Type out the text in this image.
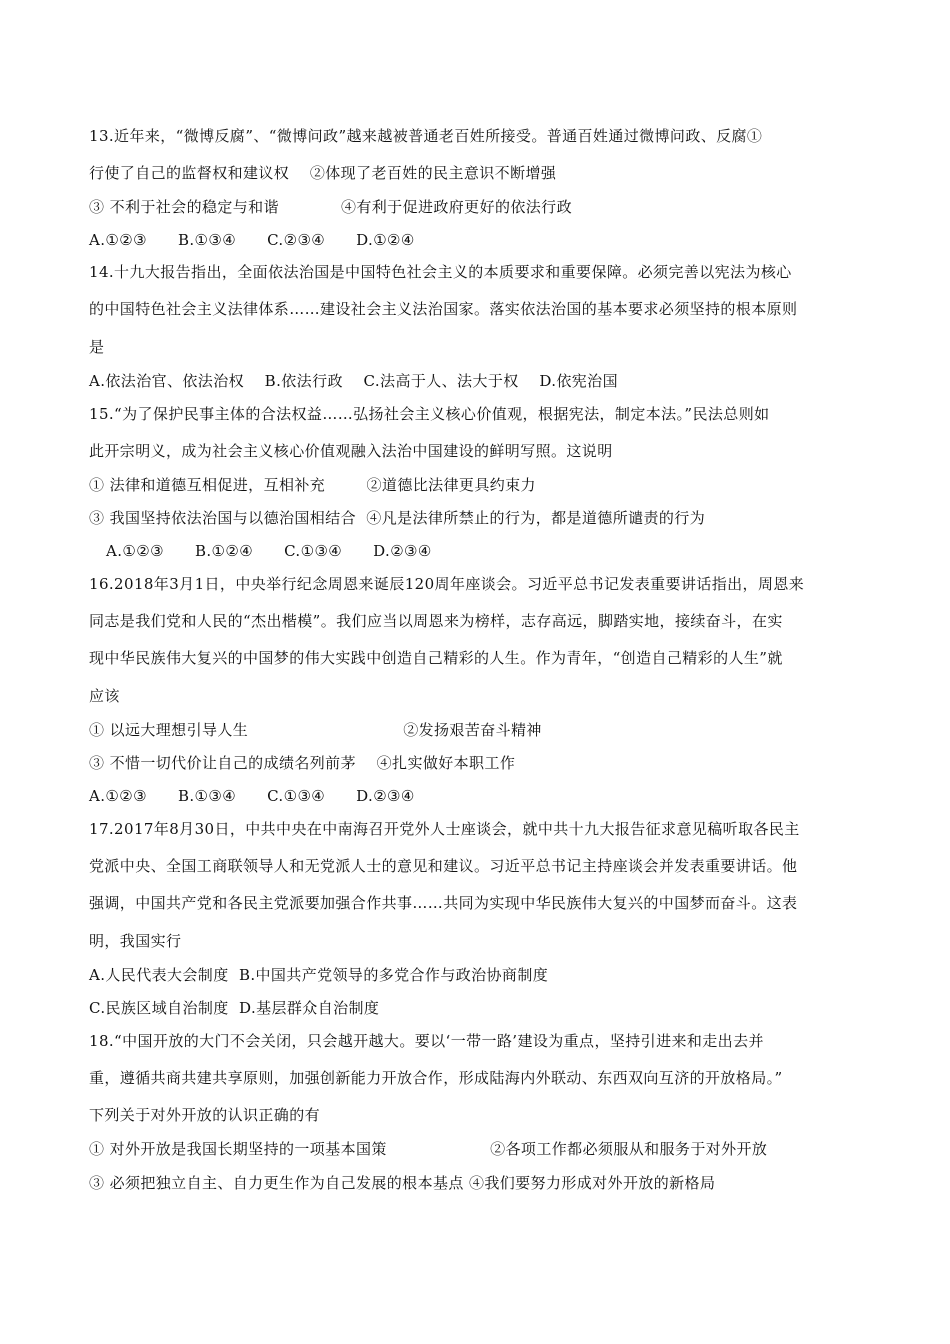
13.近年来，“微博反腐”、“微博问政”越来越被普通老百姓所接受。普通百姓通过微博问政、反腐①
行使了自己的监督权和建议权    ②体现了老百姓的民主意识不断增强
③ 不利于社会的稳定与和谐            ④有利于促进政府更好的依法行政
A.①②③      B.①③④      C.②③④      D.①②④
14.十九大报告指出，全面依法治国是中国特色社会主义的本质要求和重要保障。必须完善以宪法为核心
的中国特色社会主义法律体系……建设社会主义法治国家。落实依法治国的基本要求必须坚持的根本原则
是
A.依法治官、依法治权    B.依法行政    C.法高于人、法大于权    D.依宪治国
15.“为了保护民事主体的合法权益……弘扬社会主义核心价值观，根据宪法，制定本法。”民法总则如
此开宗明义，成为社会主义核心价值观融入法治中国建设的鲜明写照。这说明
① 法律和道德互相促进，互相补充        ②道德比法律更具约束力
③ 我国坚持依法治国与以德治国相结合  ④凡是法律所禁止的行为，都是道德所谴责的行为
A.①②③      B.①②④      C.①③④      D.②③④
16.2018年3月1日，中央举行纪念周恩来诞辰120周年座谈会。习近平总书记发表重要讲话指出，周恩来
同志是我们党和人民的“杰出楷模”。我们应当以周恩来为榜样，志存高远，脚踏实地，接续奋斗，在实
现中华民族伟大复兴的中国梦的伟大实践中创造自己精彩的人生。作为青年，“创造自己精彩的人生”就
应该
① 以远大理想引导人生                              ②发扬艰苦奋斗精神
③ 不惜一切代价让自己的成绩名列前茅    ④扎实做好本职工作
A.①②③      B.①③④      C.①③④      D.②③④
17.2017年8月30日，中共中央在中南海召开党外人士座谈会，就中共十九大报告征求意见稿听取各民主
党派中央、全国工商联领导人和无党派人士的意见和建议。习近平总书记主持座谈会并发表重要讲话。他
强调，中国共产党和各民主党派要加强合作共事……共同为实现中华民族伟大复兴的中国梦而奋斗。这表
明，我国实行
A.人民代表大会制度  B.中国共产党领导的多党合作与政治协商制度
C.民族区域自治制度  D.基层群众自治制度
18.“中国开放的大门不会关闭，只会越开越大。要以‘一带一路’建设为重点，坚持引进来和走出去并
重，遵循共商共建共享原则，加强创新能力开放合作，形成陆海内外联动、东西双向互济的开放格局。”
下列关于对外开放的认识正确的有
① 对外开放是我国长期坚持的一项基本国策                    ②各项工作都必须服从和服务于对外开放
③ 必须把独立自主、自力更生作为自己发展的根本基点 ④我们要努力形成对外开放的新格局
